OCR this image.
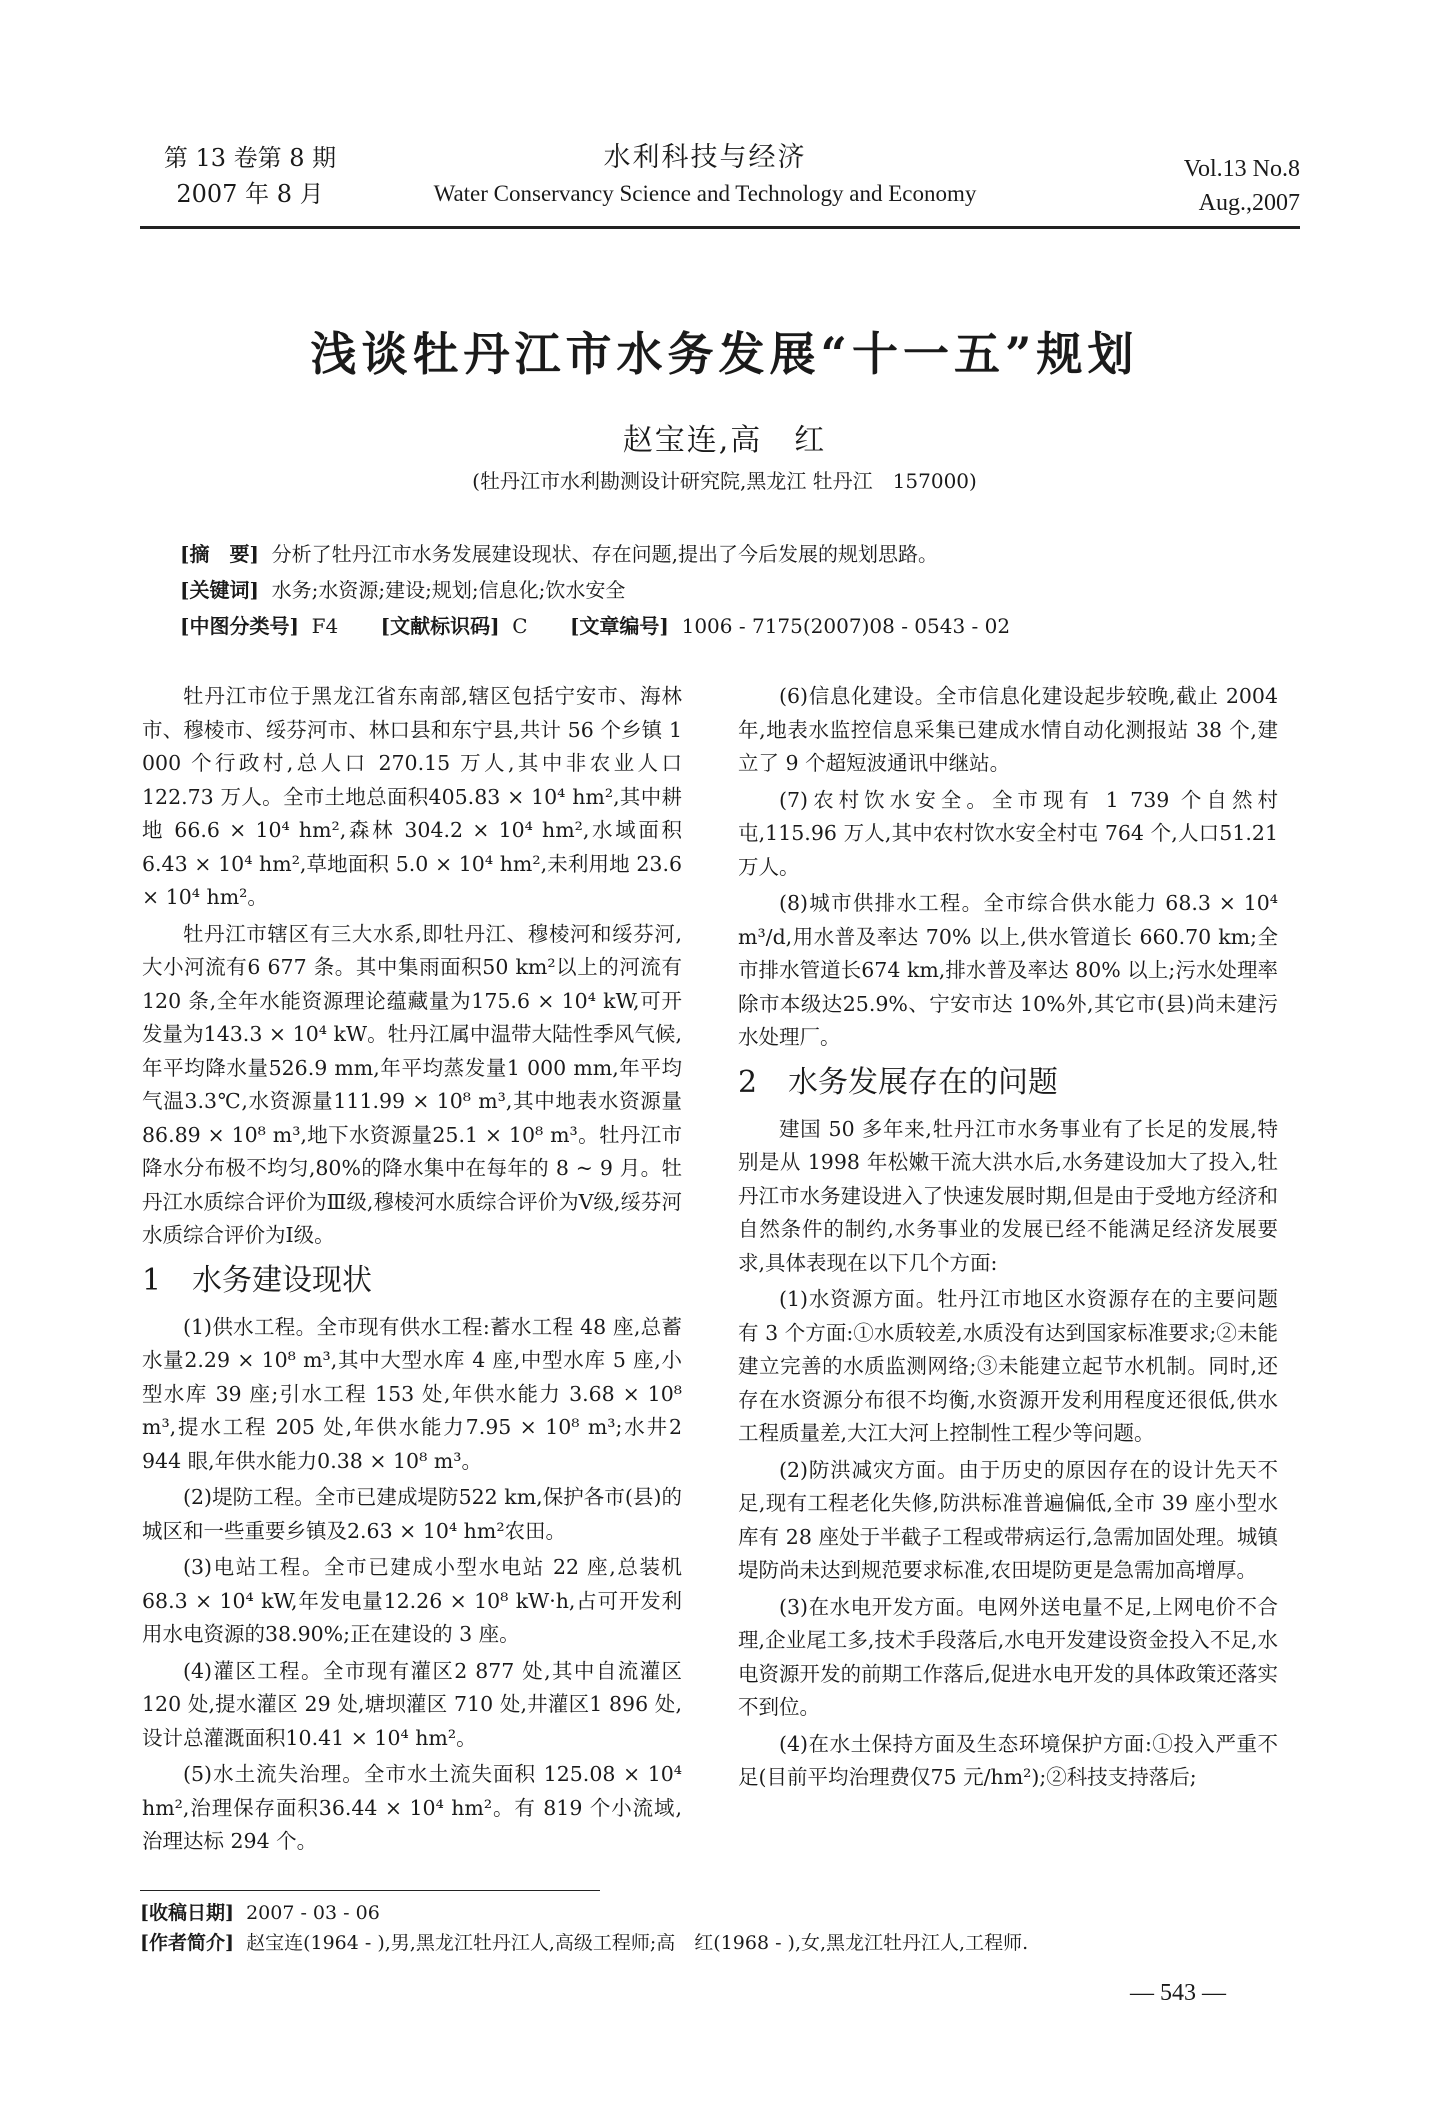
第 13 卷第 8 期
2007 年 8 月
水利科技与经济
Water Conservancy Science and Technology and Economy
Vol.13 No.8
Aug.,2007
浅谈牡丹江市水务发展“十一五”规划
赵宝连,高　红
(牡丹江市水利勘测设计研究院,黑龙江 牡丹江　157000)
[摘　要] 分析了牡丹江市水务发展建设现状、存在问题,提出了今后发展的规划思路。
[关键词] 水务;水资源;建设;规划;信息化;饮水安全
[中图分类号] F4 [文献标识码] C [文章编号] 1006 - 7175(2007)08 - 0543 - 02

牡丹江市位于黑龙江省东南部,辖区包括宁安市、海林市、穆棱市、绥芬河市、林口县和东宁县,共计 56 个乡镇 1 000 个行政村,总人口 270.15 万人,其中非农业人口 122.73 万人。全市土地总面积405.83 × 10⁴ hm²,其中耕地 66.6 × 10⁴ hm²,森林 304.2 × 10⁴ hm²,水域面积 6.43 × 10⁴ hm²,草地面积 5.0 × 10⁴ hm²,未利用地 23.6 × 10⁴ hm²。

牡丹江市辖区有三大水系,即牡丹江、穆棱河和绥芬河,大小河流有6 677 条。其中集雨面积50 km²以上的河流有 120 条,全年水能资源理论蕴藏量为175.6 × 10⁴ kW,可开发量为143.3 × 10⁴ kW。牡丹江属中温带大陆性季风气候,年平均降水量526.9 mm,年平均蒸发量1 000 mm,年平均气温3.3℃,水资源量111.99 × 10⁸ m³,其中地表水资源量86.89 × 10⁸ m³,地下水资源量25.1 × 10⁸ m³。牡丹江市降水分布极不均匀,80%的降水集中在每年的 8 ~ 9 月。牡丹江水质综合评价为Ⅲ级,穆棱河水质综合评价为Ⅴ级,绥芬河水质综合评价为Ⅰ级。

1 水务建设现状

(1)供水工程。全市现有供水工程:蓄水工程 48 座,总蓄水量2.29 × 10⁸ m³,其中大型水库 4 座,中型水库 5 座,小型水库 39 座;引水工程 153 处,年供水能力 3.68 × 10⁸ m³,提水工程 205 处,年供水能力7.95 × 10⁸ m³;水井2 944 眼,年供水能力0.38 × 10⁸ m³。

(2)堤防工程。全市已建成堤防522 km,保护各市(县)的城区和一些重要乡镇及2.63 × 10⁴ hm²农田。

(3)电站工程。全市已建成小型水电站 22 座,总装机 68.3 × 10⁴ kW,年发电量12.26 × 10⁸ kW·h,占可开发利用水电资源的38.90%;正在建设的 3 座。

(4)灌区工程。全市现有灌区2 877 处,其中自流灌区 120 处,提水灌区 29 处,塘坝灌区 710 处,井灌区1 896 处,设计总灌溉面积10.41 × 10⁴ hm²。

(5)水土流失治理。全市水土流失面积 125.08 × 10⁴ hm²,治理保存面积36.44 × 10⁴ hm²。有 819 个小流域,治理达标 294 个。

(6)信息化建设。全市信息化建设起步较晚,截止 2004 年,地表水监控信息采集已建成水情自动化测报站 38 个,建立了 9 个超短波通讯中继站。

(7)农村饮水安全。全市现有 1 739 个自然村屯,115.96 万人,其中农村饮水安全村屯 764 个,人口51.21 万人。

(8)城市供排水工程。全市综合供水能力 68.3 × 10⁴ m³/d,用水普及率达 70% 以上,供水管道长 660.70 km;全市排水管道长674 km,排水普及率达 80% 以上;污水处理率除市本级达25.9%、宁安市达 10%外,其它市(县)尚未建污水处理厂。

2 水务发展存在的问题

建国 50 多年来,牡丹江市水务事业有了长足的发展,特别是从 1998 年松嫩干流大洪水后,水务建设加大了投入,牡丹江市水务建设进入了快速发展时期,但是由于受地方经济和自然条件的制约,水务事业的发展已经不能满足经济发展要求,具体表现在以下几个方面:

(1)水资源方面。牡丹江市地区水资源存在的主要问题有 3 个方面:①水质较差,水质没有达到国家标准要求;②未能建立完善的水质监测网络;③未能建立起节水机制。同时,还存在水资源分布很不均衡,水资源开发利用程度还很低,供水工程质量差,大江大河上控制性工程少等问题。

(2)防洪减灾方面。由于历史的原因存在的设计先天不足,现有工程老化失修,防洪标准普遍偏低,全市 39 座小型水库有 28 座处于半截子工程或带病运行,急需加固处理。城镇堤防尚未达到规范要求标准,农田堤防更是急需加高增厚。

(3)在水电开发方面。电网外送电量不足,上网电价不合理,企业尾工多,技术手段落后,水电开发建设资金投入不足,水电资源开发的前期工作落后,促进水电开发的具体政策还落实不到位。

(4)在水土保持方面及生态环境保护方面:①投入严重不足(目前平均治理费仅75 元/hm²);②科技支持落后;

[收稿日期] 2007 - 03 - 06
[作者简介] 赵宝连(1964 - ),男,黑龙江牡丹江人,高级工程师;高　红(1968 - ),女,黑龙江牡丹江人,工程师.
— 543 —
